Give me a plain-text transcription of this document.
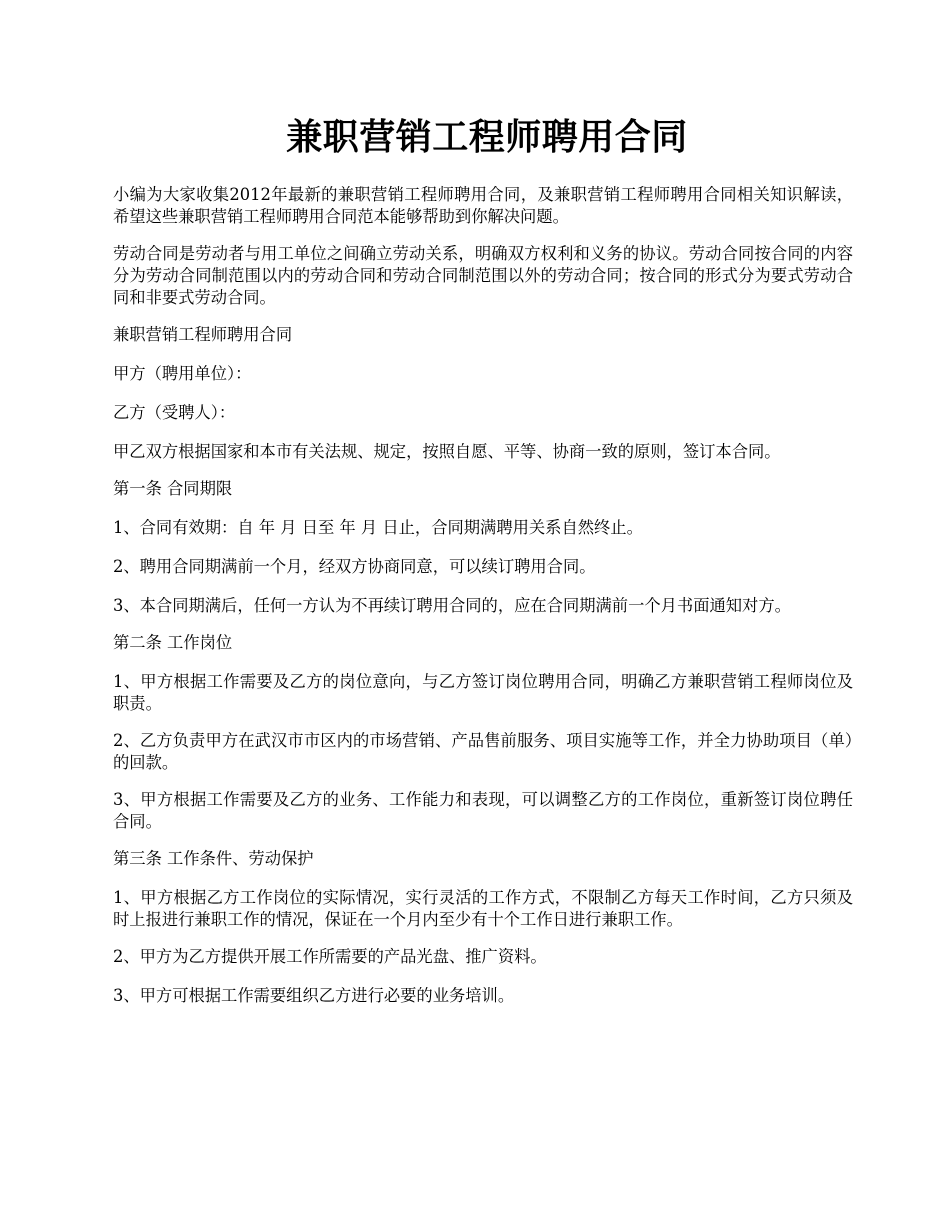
兼职营销工程师聘用合同

小编为大家收集2012年最新的兼职营销工程师聘用合同，及兼职营销工程师聘用合同相关知识解读，希望这些兼职营销工程师聘用合同范本能够帮助到你解决问题。

劳动合同是劳动者与用工单位之间确立劳动关系，明确双方权利和义务的协议。劳动合同按合同的内容分为劳动合同制范围以内的劳动合同和劳动合同制范围以外的劳动合同；按合同的形式分为要式劳动合同和非要式劳动合同。

兼职营销工程师聘用合同

甲方（聘用单位）：

乙方（受聘人）：

甲乙双方根据国家和本市有关法规、规定，按照自愿、平等、协商一致的原则，签订本合同。

第一条 合同期限

1、合同有效期：自 年 月 日至 年 月 日止，合同期满聘用关系自然终止。

2、聘用合同期满前一个月，经双方协商同意，可以续订聘用合同。

3、本合同期满后，任何一方认为不再续订聘用合同的，应在合同期满前一个月书面通知对方。

第二条 工作岗位

1、甲方根据工作需要及乙方的岗位意向，与乙方签订岗位聘用合同，明确乙方兼职营销工程师岗位及职责。

2、乙方负责甲方在武汉市市区内的市场营销、产品售前服务、项目实施等工作，并全力协助项目（单）的回款。

3、甲方根据工作需要及乙方的业务、工作能力和表现，可以调整乙方的工作岗位，重新签订岗位聘任合同。

第三条 工作条件、劳动保护

1、甲方根据乙方工作岗位的实际情况，实行灵活的工作方式，不限制乙方每天工作时间，乙方只须及时上报进行兼职工作的情况，保证在一个月内至少有十个工作日进行兼职工作。

2、甲方为乙方提供开展工作所需要的产品光盘、推广资料。

3、甲方可根据工作需要组织乙方进行必要的业务培训。
